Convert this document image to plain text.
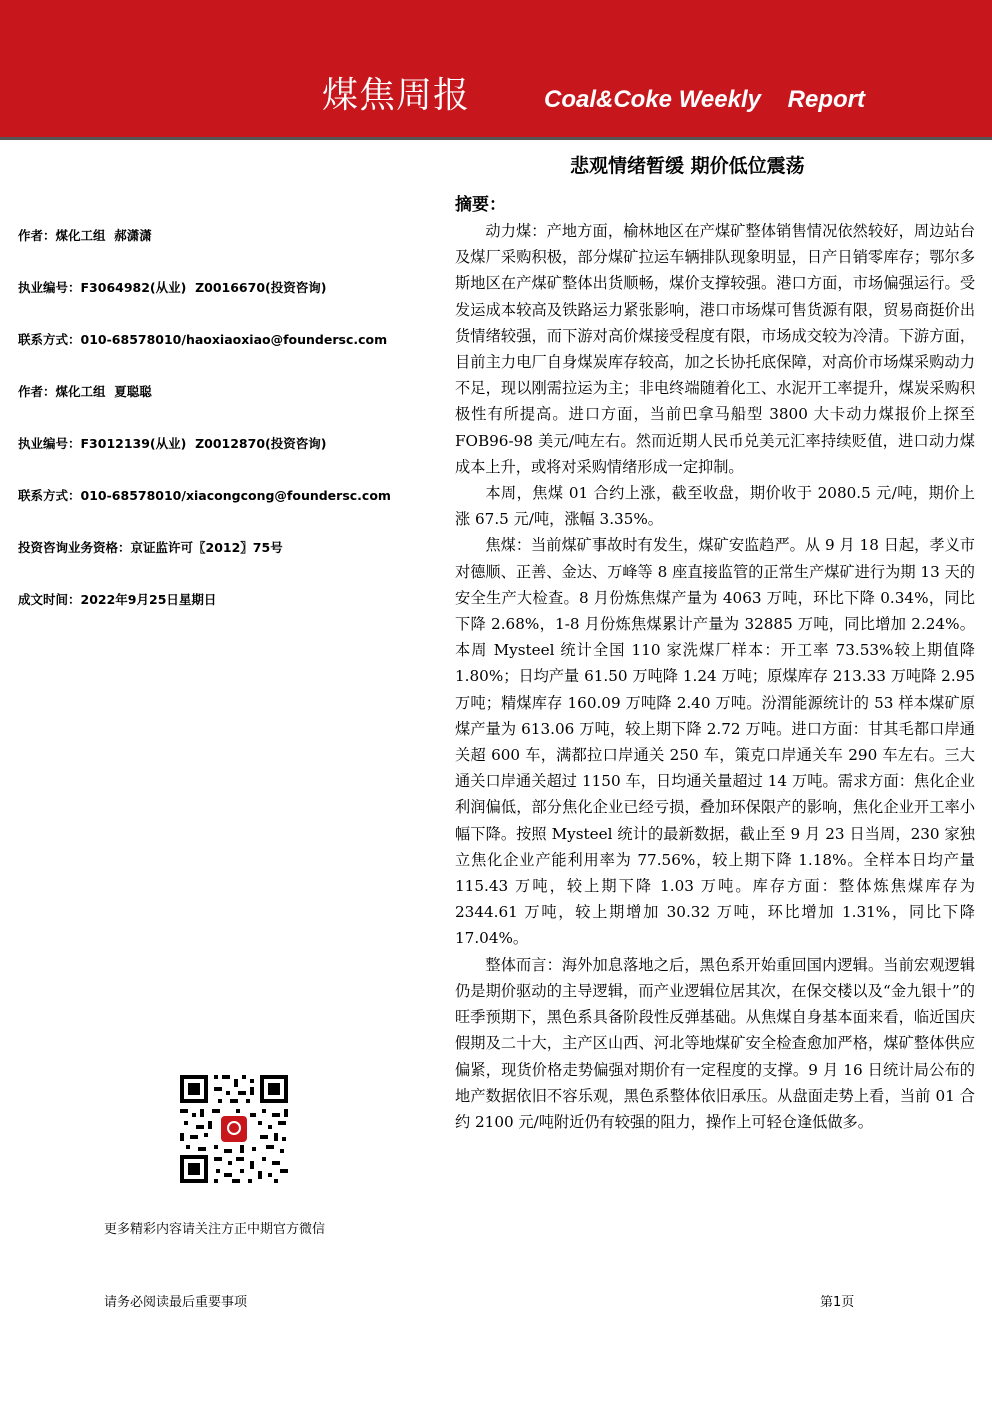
煤焦周报	Coal&Coke Weekly    Report
悲观情绪暂缓 期价低位震荡
作者：煤化工组  郝潇潇
执业编号：F3064982(从业)  Z0016670(投资咨询)
联系方式：010-68578010/haoxiaoxiao@foundersc.com
作者：煤化工组  夏聪聪
执业编号：F3012139(从业)  Z0012870(投资咨询)
联系方式：010-68578010/xiacongcong@foundersc.com
投资咨询业务资格：京证监许可〖2012〗75号
成文时间：2022年9月25日星期日
更多精彩内容请关注方正中期官方微信
摘要：

动力煤：产地方面，榆林地区在产煤矿整体销售情况依然较好，周边站台及煤厂采购积极，部分煤矿拉运车辆排队现象明显，日产日销零库存；鄂尔多斯地区在产煤矿整体出货顺畅，煤价支撑较强。港口方面，市场偏强运行。受发运成本较高及铁路运力紧张影响，港口市场煤可售货源有限，贸易商挺价出货情绪较强，而下游对高价煤接受程度有限，市场成交较为冷清。下游方面，目前主力电厂自身煤炭库存较高，加之长协托底保障，对高价市场煤采购动力不足，现以刚需拉运为主；非电终端随着化工、水泥开工率提升，煤炭采购积极性有所提高。进口方面，当前巴拿马船型 3800 大卡动力煤报价上探至 FOB96-98 美元/吨左右。然而近期人民币兑美元汇率持续贬值，进口动力煤成本上升，或将对采购情绪形成一定抑制。

本周，焦煤 01 合约上涨，截至收盘，期价收于 2080.5 元/吨，期价上涨 67.5 元/吨，涨幅 3.35%。

焦煤：当前煤矿事故时有发生，煤矿安监趋严。从 9 月 18 日起，孝义市对德顺、正善、金达、万峰等 8 座直接监管的正常生产煤矿进行为期 13 天的安全生产大检查。8 月份炼焦煤产量为 4063 万吨，环比下降 0.34%，同比下降 2.68%，1-8 月份炼焦煤累计产量为 32885 万吨，同比增加 2.24%。本周 Mysteel 统计全国 110 家洗煤厂样本：开工率 73.53%较上期值降 1.80%；日均产量 61.50 万吨降 1.24 万吨；原煤库存 213.33 万吨降 2.95 万吨；精煤库存 160.09 万吨降 2.40 万吨。汾渭能源统计的 53 样本煤矿原煤产量为 613.06 万吨，较上期下降 2.72 万吨。进口方面：甘其毛都口岸通关超 600 车，满都拉口岸通关 250 车，策克口岸通关车 290 车左右。三大通关口岸通关超过 1150 车，日均通关量超过 14 万吨。需求方面：焦化企业利润偏低，部分焦化企业已经亏损，叠加环保限产的影响，焦化企业开工率小幅下降。按照 Mysteel 统计的最新数据，截止至 9 月 23 日当周，230 家独立焦化企业产能利用率为 77.56%，较上期下降 1.18%。全样本日均产量 115.43 万吨，较上期下降 1.03 万吨。库存方面：整体炼焦煤库存为 2344.61 万吨，较上期增加 30.32 万吨，环比增加 1.31%，同比下降 17.04%。

整体而言：海外加息落地之后，黑色系开始重回国内逻辑。当前宏观逻辑仍是期价驱动的主导逻辑，而产业逻辑位居其次，在保交楼以及“金九银十”的旺季预期下，黑色系具备阶段性反弹基础。从焦煤自身基本面来看，临近国庆假期及二十大，主产区山西、河北等地煤矿安全检查愈加严格，煤矿整体供应偏紧，现货价格走势偏强对期价有一定程度的支撑。9 月 16 日统计局公布的地产数据依旧不容乐观，黑色系整体依旧承压。从盘面走势上看，当前 01 合约 2100 元/吨附近仍有较强的阻力，操作上可轻仓逢低做多。

请务必阅读最后重要事项	第1页
